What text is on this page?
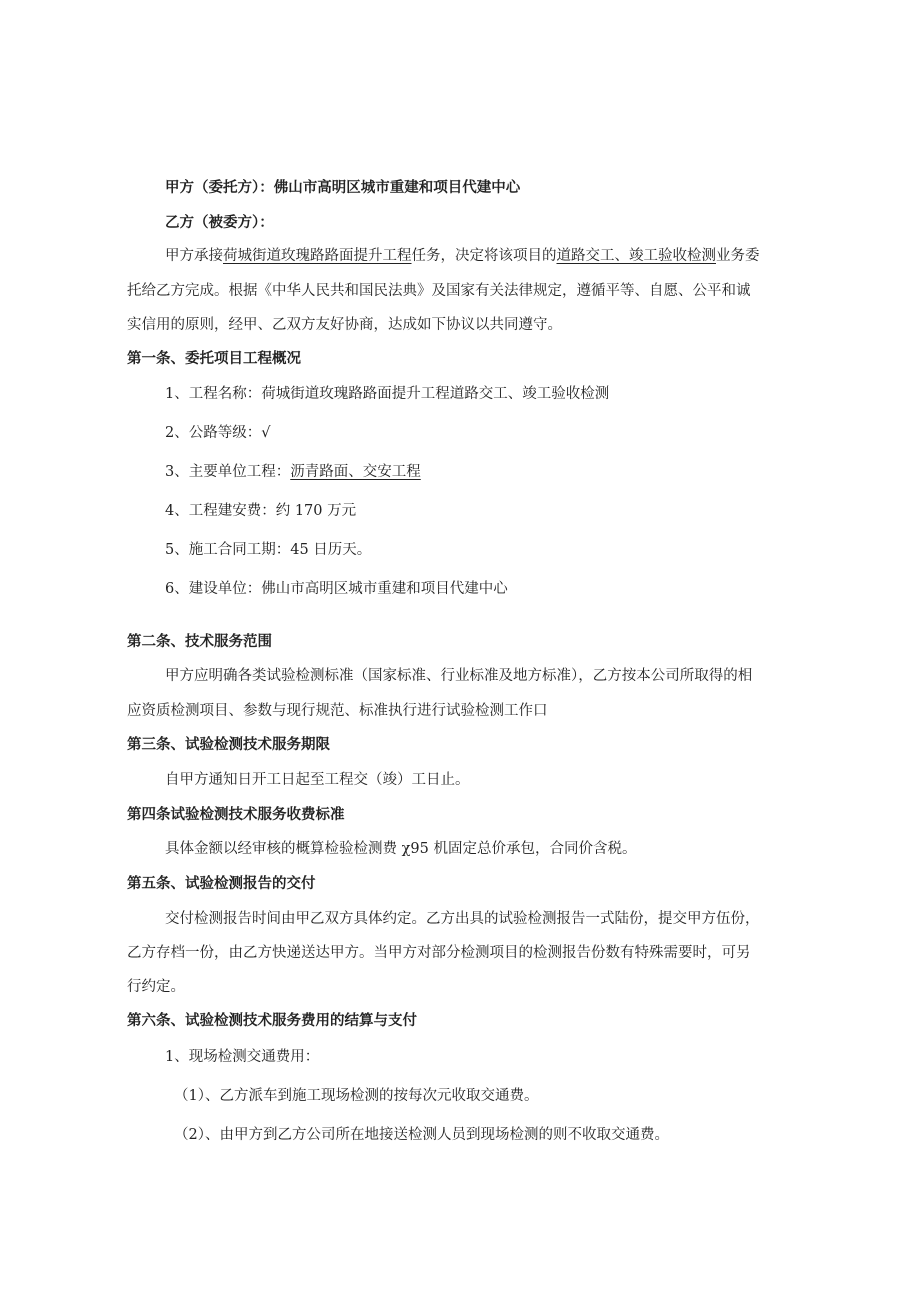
甲方（委托方）：佛山市高明区城市重建和项目代建中心
乙方（被委方）：
甲方承接荷城街道玫瑰路路面提升工程任务，决定将该项目的道路交工、竣工验收检测业务委
托给乙方完成。根据《中华人民共和国民法典》及国家有关法律规定，遵循平等、自愿、公平和诚
实信用的原则，经甲、乙双方友好协商，达成如下协议以共同遵守。
第一条、委托项目工程概况
1、工程名称：荷城街道玫瑰路路面提升工程道路交工、竣工验收检测
2、公路等级：√
3、主要单位工程：沥青路面、交安工程
4、工程建安费：约 170 万元
5、施工合同工期：45 日历天。
6、建设单位：佛山市高明区城市重建和项目代建中心
第二条、技术服务范围
甲方应明确各类试验检测标准（国家标准、行业标准及地方标准），乙方按本公司所取得的相
应资质检测项目、参数与现行规范、标准执行进行试验检测工作口
第三条、试验检测技术服务期限
自甲方通知日开工日起至工程交（竣）工日止。
第四条试验检测技术服务收费标准
具体金额以经审核的概算检验检测费 χ95 机固定总价承包，合同价含税。
第五条、试验检测报告的交付
交付检测报告时间由甲乙双方具体约定。乙方出具的试验检测报告一式陆份，提交甲方伍份，
乙方存档一份，由乙方快递送达甲方。当甲方对部分检测项目的检测报告份数有特殊需要时，可另
行约定。
第六条、试验检测技术服务费用的结算与支付
1、现场检测交通费用：
（1）、乙方派车到施工现场检测的按每次元收取交通费。
（2）、由甲方到乙方公司所在地接送检测人员到现场检测的则不收取交通费。
